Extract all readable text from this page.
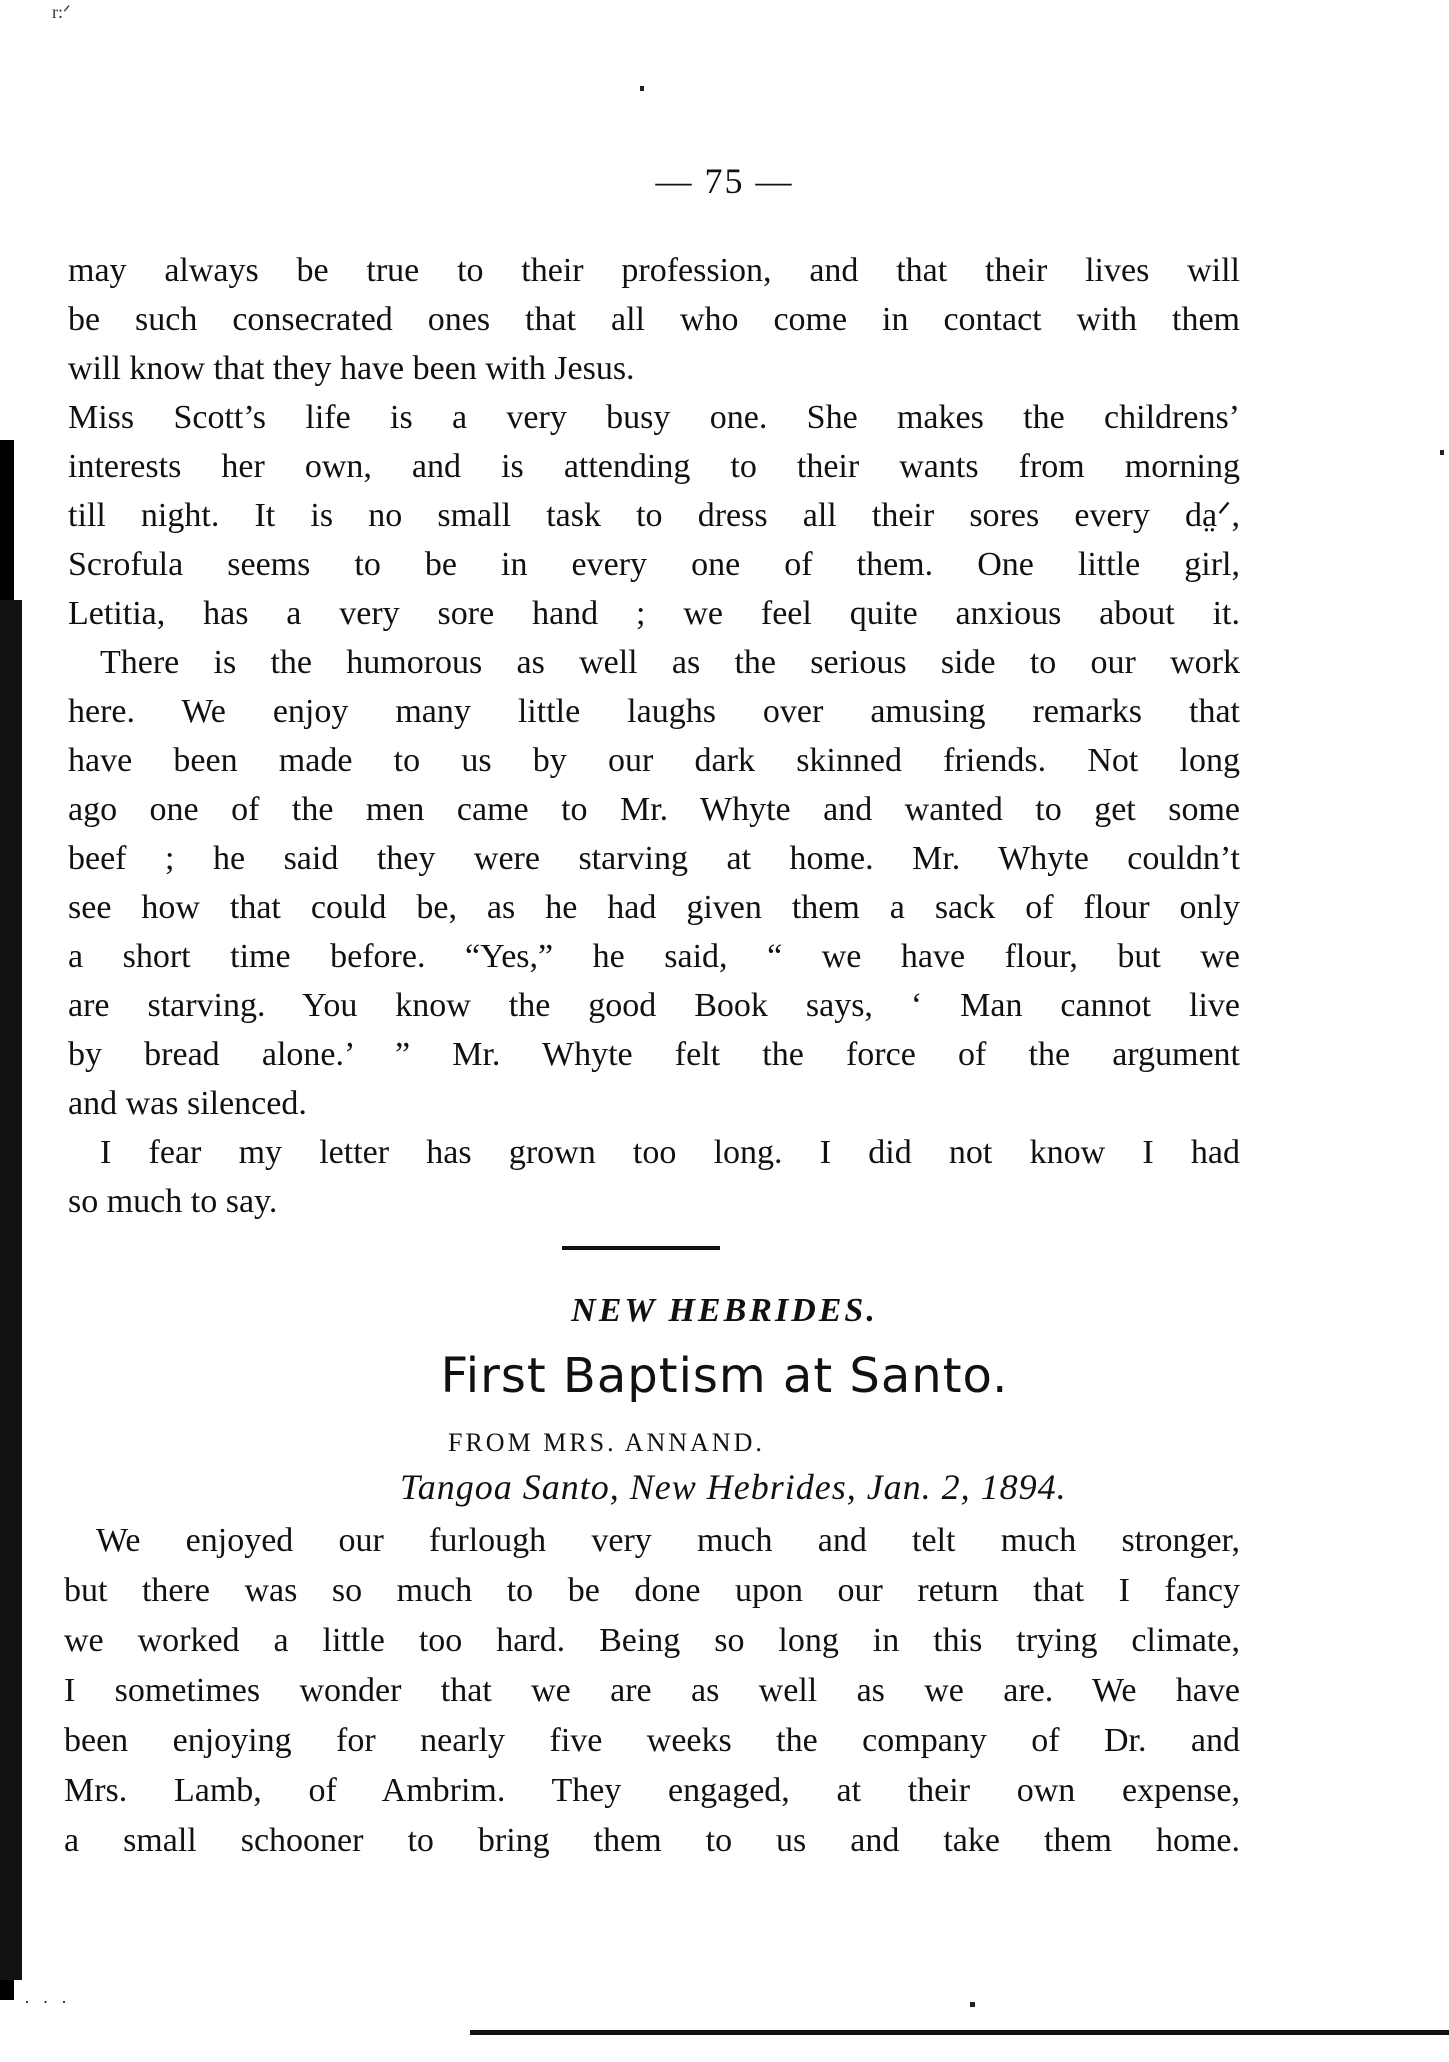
r:ᐟ
— 75 —
may always be true to their profession, and that their lives will
be such consecrated ones that all who come in contact with them
will know that they have been with Jesus.
Miss Scott’s life is a very busy one. She makes the childrens’
interests her own, and is attending to their wants from morning
till night. It is no small task to dress all their sores every da̤ᐟ,
Scrofula seems to be in every one of them. One little girl,
Letitia, has a very sore hand ; we feel quite anxious about it.
There is the humorous as well as the serious side to our work
here. We enjoy many little laughs over amusing remarks that
have been made to us by our dark skinned friends. Not long
ago one of the men came to Mr. Whyte and wanted to get some
beef ; he said they were starving at home. Mr. Whyte couldn’t
see how that could be, as he had given them a sack of flour only
a short time before. “Yes,” he said, “ we have flour, but we
are starving. You know the good Book says, ‘ Man cannot live
by bread alone.’ ” Mr. Whyte felt the force of the argument
and was silenced.
I fear my letter has grown too long. I did not know I had
so much to say.
NEW HEBRIDES.
First Baptism at Santo.
FROM MRS. ANNAND.
Tangoa Santo, New Hebrides, Jan. 2, 1894.
We enjoyed our furlough very much and telt much stronger,
but there was so much to be done upon our return that I fancy
we worked a little too hard. Being so long in this trying climate,
I sometimes wonder that we are as well as we are. We have
been enjoying for nearly five weeks the company of Dr. and
Mrs. Lamb, of Ambrim. They engaged, at their own expense,
a small schooner to bring them to us and take them home.
· · ·
